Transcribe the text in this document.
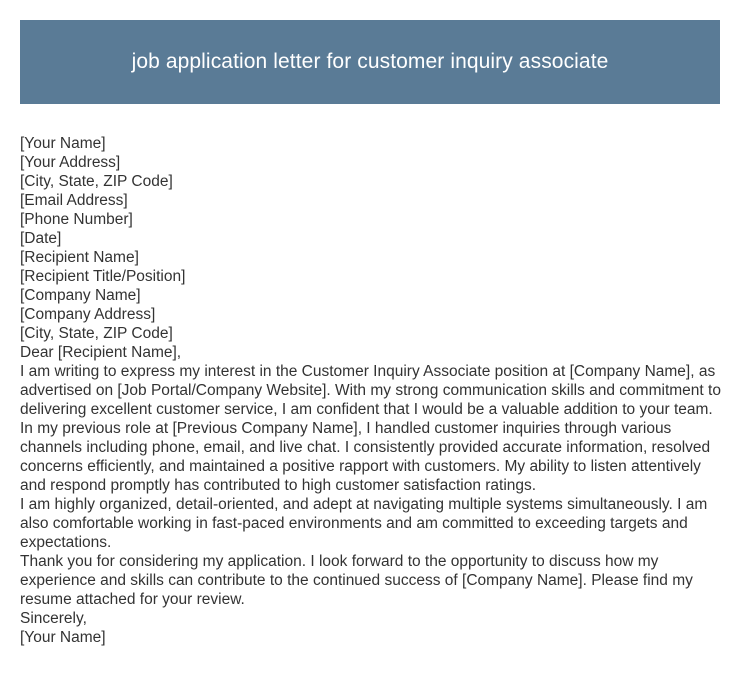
job application letter for customer inquiry associate
[Your Name]
[Your Address]
[City, State, ZIP Code]
[Email Address]
[Phone Number]
[Date]
[Recipient Name]
[Recipient Title/Position]
[Company Name]
[Company Address]
[City, State, ZIP Code]
Dear [Recipient Name],
I am writing to express my interest in the Customer Inquiry Associate position at [Company Name], as advertised on [Job Portal/Company Website]. With my strong communication skills and commitment to delivering excellent customer service, I am confident that I would be a valuable addition to your team.
In my previous role at [Previous Company Name], I handled customer inquiries through various channels including phone, email, and live chat. I consistently provided accurate information, resolved concerns efficiently, and maintained a positive rapport with customers. My ability to listen attentively and respond promptly has contributed to high customer satisfaction ratings.
I am highly organized, detail-oriented, and adept at navigating multiple systems simultaneously. I am also comfortable working in fast-paced environments and am committed to exceeding targets and expectations.
Thank you for considering my application. I look forward to the opportunity to discuss how my experience and skills can contribute to the continued success of [Company Name]. Please find my resume attached for your review.
Sincerely,
[Your Name]
